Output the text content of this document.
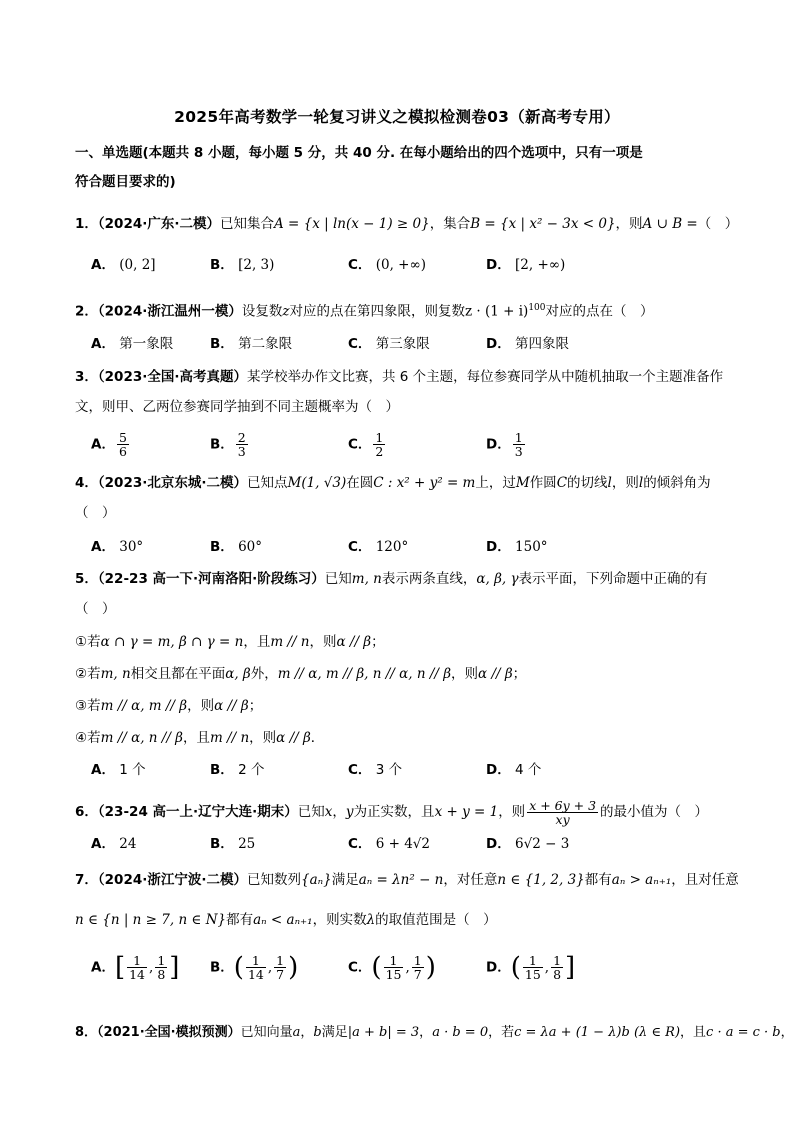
2025年高考数学一轮复习讲义之模拟检测卷03（新高考专用）
一、单选题(本题共 8 小题，每小题 5 分，共 40 分. 在每小题给出的四个选项中，只有一项是
符合题目要求的)
1．（2024·广东·二模）已知集合A = {x | ln(x − 1) ≥ 0}，集合B = {x | x² − 3x < 0}，则A ∪ B =（　）
A． (0, 2]	B． [2, 3)	C． (0, +∞)	D． [2, +∞)
2．（2024·浙江温州一模）设复数z对应的点在第四象限，则复数$z \cdot (1 + i)^{100}$对应的点在（　）
A． 第一象限	B． 第二象限	C． 第三象限	D． 第四象限
3．（2023·全国·高考真题）某学校举办作文比赛，共 6 个主题，每位参赛同学从中随机抽取一个主题准备作
文，则甲、乙两位参赛同学抽到不同主题概率为（　）
A． $\frac{5}{6}$	B． $\frac{2}{3}$	C． $\frac{1}{2}$	D． $\frac{1}{3}$
4．（2023·北京东城·二模）已知点M(1, √3)在圆C : x² + y² = m上，过M作圆C的切线l，则l的倾斜角为
（　）
A． 30°	B． 60°	C． 120°	D． 150°
5．（22-23 高一下·河南洛阳·阶段练习）已知m, n表示两条直线，α, β, γ表示平面，下列命题中正确的有
（　）
①若α ∩ γ = m, β ∩ γ = n，且m // n，则α // β；
②若m, n相交且都在平面α, β外，m // α, m // β, n // α, n // β，则α // β；
③若m // α, m // β，则α // β；
④若m // α, n // β，且m // n，则α // β．
A． 1 个	B． 2 个	C． 3 个	D． 4 个
6．（23-24 高一上·辽宁大连·期末）已知x，y为正实数，且x + y = 1，则 $\frac{x + 6y + 3}{xy}$ 的最小值为（　）
A． 24	B． 25	C． 6 + 4√2	D． 6√2 − 3
7．（2024·浙江宁波·二模）已知数列{aₙ}满足aₙ = λn² − n，对任意n ∈ {1, 2, 3}都有aₙ > aₙ₊₁，且对任意
n ∈ {n | n ≥ 7, n ∈ N}都有aₙ < aₙ₊₁，则实数λ的取值范围是（　）
A．[ $\frac{1}{14}$ , $\frac{1}{8}$ ] B．( $\frac{1}{14}$ , $\frac{1}{7}$ )	C．( $\frac{1}{15}$ , $\frac{1}{7}$ )	D．( $\frac{1}{15}$ , $\frac{1}{8}$ ]
8．（2021·全国·模拟预测）已知向量a，b满足|a + b| = 3，a · b = 0，若c = λa + (1 − λ)b (λ ∈ R)，且c · a = c · b，
